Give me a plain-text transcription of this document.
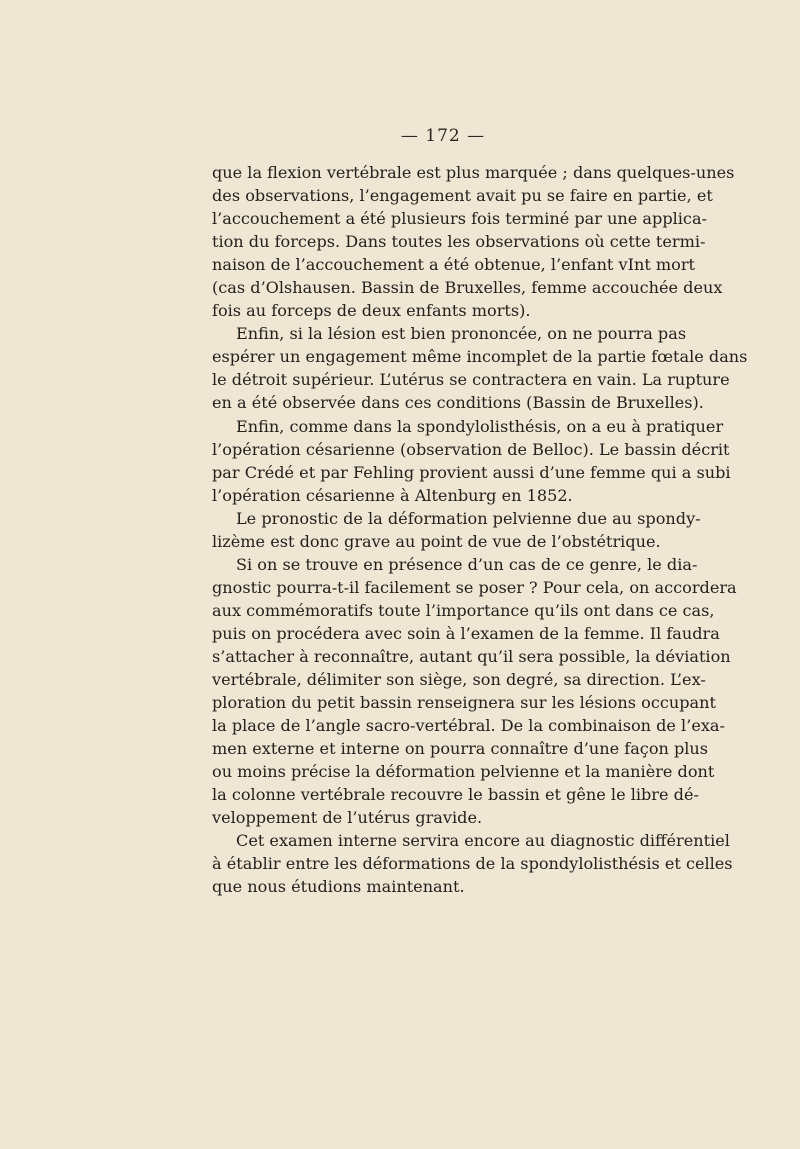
— 172 —
que la flexion vertébrale est plus marquée ; dans quelques-unes
des observations, l’engagement avait pu se faire en partie, et
l’accouchement a été plusieurs fois terminé par une applica-
tion du forceps. Dans toutes les observations où cette termi-
naison de l’accouchement a été obtenue, l’enfant vInt mort
(cas d’Olshausen. Bassin de Bruxelles, femme accouchée deux
fois au forceps de deux enfants morts).
Enfin, si la lésion est bien prononcée, on ne pourra pas
espérer un engagement même incomplet de la partie fœtale dans
le détroit supérieur. L’utérus se contractera en vain. La rupture
en a été observée dans ces conditions (Bassin de Bruxelles).
Enfin, comme dans la spondylolisthésis, on a eu à pratiquer
l’opération césarienne (observation de Belloc). Le bassin décrit
par Crédé et par Fehling provient aussi d’une femme qui a subi
l’opération césarienne à Altenburg en 1852.
Le pronostic de la déformation pelvienne due au spondy-
lizème est donc grave au point de vue de l’obstétrique.
Si on se trouve en présence d’un cas de ce genre, le dia-
gnostic pourra-t-il facilement se poser ? Pour cela, on accordera
aux commémoratifs toute l’importance qu’ils ont dans ce cas,
puis on procédera avec soin à l’examen de la femme. Il faudra
s’attacher à reconnaître, autant qu’il sera possible, la déviation
vertébrale, délimiter son siège, son degré, sa direction. L’ex-
ploration du petit bassin renseignera sur les lésions occupant
la place de l’angle sacro-vertébral. De la combinaison de l’exa-
men externe et interne on pourra connaître d’une façon plus
ou moins précise la déformation pelvienne et la manière dont
la colonne vertébrale recouvre le bassin et gêne le libre dé-
veloppement de l’utérus gravide.
Cet examen interne servira encore au diagnostic différentiel
à établir entre les déformations de la spondylolisthésis et celles
que nous étudions maintenant.
